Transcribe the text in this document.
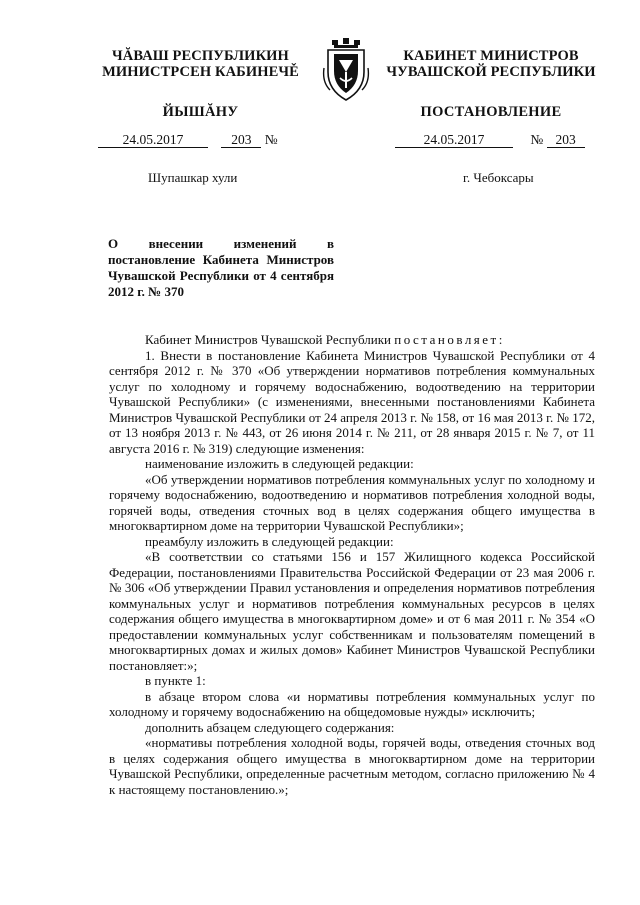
ЧĂВАШ РЕСПУБЛИКИН
МИНИСТРСЕН КАБИНЕЧĚ
ЙЫШĂНУ
КАБИНЕТ МИНИСТРОВ
ЧУВАШСКОЙ РЕСПУБЛИКИ
ПОСТАНОВЛЕНИЕ
24.05.2017	203 №	24.05.2017	№ 203
Шупашкар хули	г. Чебоксары
О внесении изменений в постановление Кабинета Министров Чувашской Республики от 4 сентября 2012 г. № 370

Кабинет Министров Чувашской Республики постановляет:

1. Внести в постановление Кабинета Министров Чувашской Республики от 4 сентября 2012 г. № 370 «Об утверждении нормативов потребления коммунальных услуг по холодному и горячему водоснабжению, водоотведению на территории Чувашской Республики» (с изменениями, внесенными постановлениями Кабинета Министров Чувашской Республики от 24 апреля 2013 г. № 158, от 16 мая 2013 г. № 172, от 13 ноября 2013 г. № 443, от 26 июня 2014 г. № 211, от 28 января 2015 г. № 7, от 11 августа 2016 г. № 319) следующие изменения:

наименование изложить в следующей редакции:

«Об утверждении нормативов потребления коммунальных услуг по холодному и горячему водоснабжению, водоотведению и нормативов потребления холодной воды, горячей воды, отведения сточных вод в целях содержания общего имущества в многоквартирном доме на территории Чувашской Республики»;

преамбулу изложить в следующей редакции:

«В соответствии со статьями 156 и 157 Жилищного кодекса Российской Федерации, постановлениями Правительства Российской Федерации от 23 мая 2006 г. № 306 «Об утверждении Правил установления и определения нормативов потребления коммунальных услуг и нормативов потребления коммунальных ресурсов в целях содержания общего имущества в многоквартирном доме» и от 6 мая 2011 г. № 354 «О предоставлении коммунальных услуг собственникам и пользователям помещений в многоквартирных домах и жилых домов» Кабинет Министров Чувашской Республики постановляет:»;

в пункте 1:

в абзаце втором слова «и нормативы потребления коммунальных услуг по холодному и горячему водоснабжению на общедомовые нужды» исключить;

дополнить абзацем следующего содержания:

«нормативы потребления холодной воды, горячей воды, отведения сточных вод в целях содержания общего имущества в многоквартирном доме на территории Чувашской Республики, определенные расчетным методом, согласно приложению № 4 к настоящему постановлению.»;
